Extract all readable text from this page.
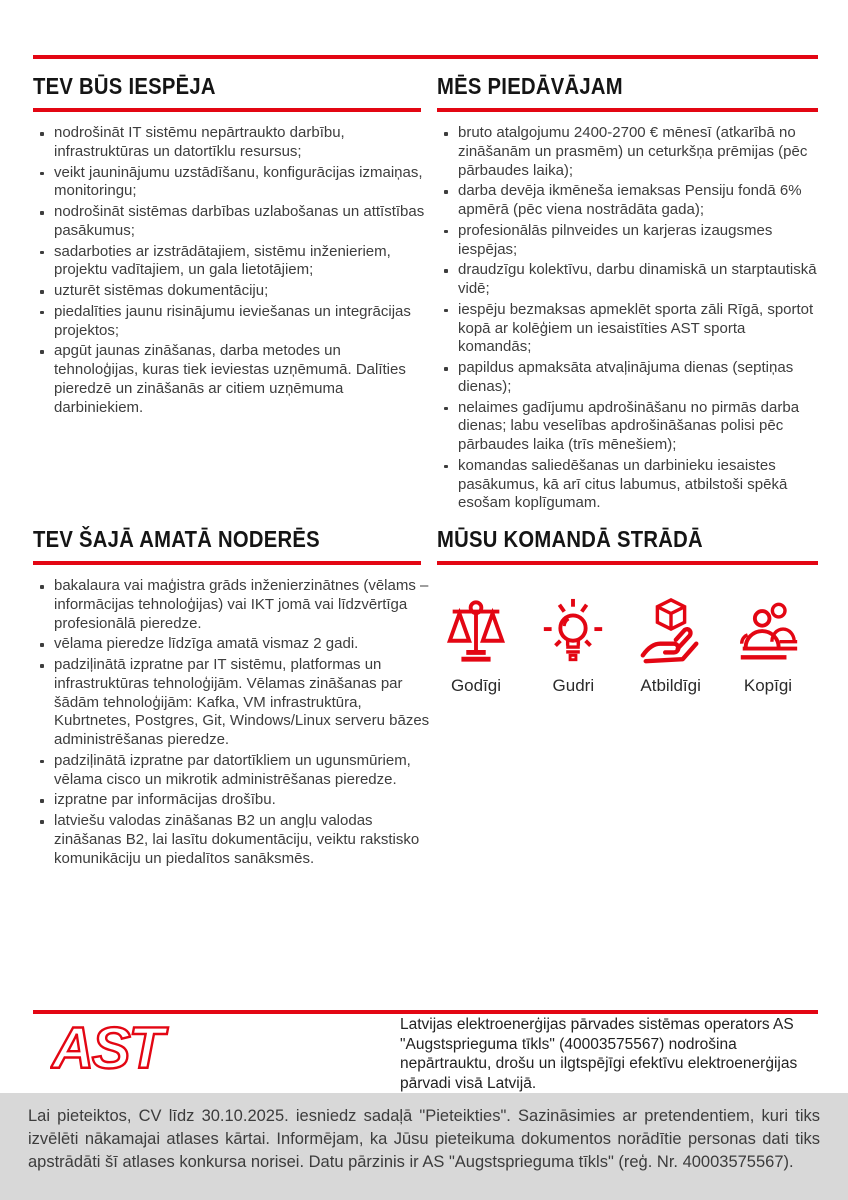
TEV BŪS IESPĒJA	MĒS PIEDĀVĀJAM
nodrošināt IT sistēmu nepārtraukto darbību, infrastruktūras un datortīklu resursus;
veikt jauninājumu uzstādīšanu, konfigurācijas izmaiņas, monitoringu;
nodrošināt sistēmas darbības uzlabošanas un attīstības pasākumus;
sadarboties ar izstrādātajiem, sistēmu inženieriem, projektu vadītajiem, un gala lietotājiem;
uzturēt sistēmas dokumentāciju;
piedalīties jaunu risinājumu ieviešanas un integrācijas projektos;
apgūt jaunas zināšanas, darba metodes un tehnoloģijas, kuras tiek ieviestas uzņēmumā. Dalīties pieredzē un zināšanās ar citiem uzņēmuma darbiniekiem.
bruto atalgojumu 2400-2700 € mēnesī (atkarībā no zināšanām un prasmēm) un ceturkšņa prēmijas (pēc pārbaudes laika);
darba devēja ikmēneša iemaksas Pensiju fondā 6% apmērā (pēc viena nostrādāta gada);
profesionālās pilnveides un karjeras izaugsmes iespējas;
draudzīgu kolektīvu, darbu dinamiskā un starptautiskā vidē;
iespēju bezmaksas apmeklēt sporta zāli Rīgā, sportot kopā ar kolēģiem un iesaistīties AST sporta komandās;
papildus apmaksāta atvaļinājuma dienas (septiņas dienas);
nelaimes gadījumu apdrošināšanu no pirmās darba dienas; labu veselības apdrošināšanas polisi pēc pārbaudes laika (trīs mēnešiem);
komandas saliedēšanas un darbinieku iesaistes pasākumus, kā arī citus labumus, atbilstoši spēkā esošam koplīgumam.
TEV ŠAJĀ AMATĀ NODERĒS	MŪSU KOMANDĀ STRĀDĀ
bakalaura vai maģistra grāds inženierzinātnes (vēlams – informācijas tehnoloģijas) vai IKT jomā vai līdzvērtīga profesionālā pieredze.
vēlama pieredze līdzīga amatā vismaz 2 gadi.
padziļinātā izpratne par IT sistēmu, platformas un infrastruktūras tehnoloģijām. Vēlamas zināšanas par šādām tehnoloģijām: Kafka, VM infrastruktūra, Kubrtnetes, Postgres, Git, Windows/Linux serveru bāzes administrēšanas pieredze.
padziļinātā izpratne par datortīkliem un ugunsmūriem, vēlama cisco un mikrotik administrēšanas pieredze.
izpratne par informācijas drošību.
latviešu valodas zināšanas B2 un angļu valodas zināšanas B2, lai lasītu dokumentāciju, veiktu rakstisko komunikāciju un piedalītos sanāksmēs.
Godīgi	Gudri	Atbildīgi	Kopīgi
AST	Latvijas elektroenerģijas pārvades sistēmas operators AS "Augstsprieguma tīkls" (40003575567) nodrošina nepārtrauktu, drošu un ilgtspējīgi efektīvu elektroenerģijas pārvadi visā Latvijā.

Lai pieteiktos, CV līdz 30.10.2025. iesniedz sadaļā "Pieteikties". Sazināsimies ar pretendentiem, kuri tiks izvēlēti nākamajai atlases kārtai. Informējam, ka Jūsu pieteikuma dokumentos norādītie personas dati tiks apstrādāti šī atlases konkursa norisei. Datu pārzinis ir AS "Augstsprieguma tīkls" (reģ. Nr. 40003575567).
